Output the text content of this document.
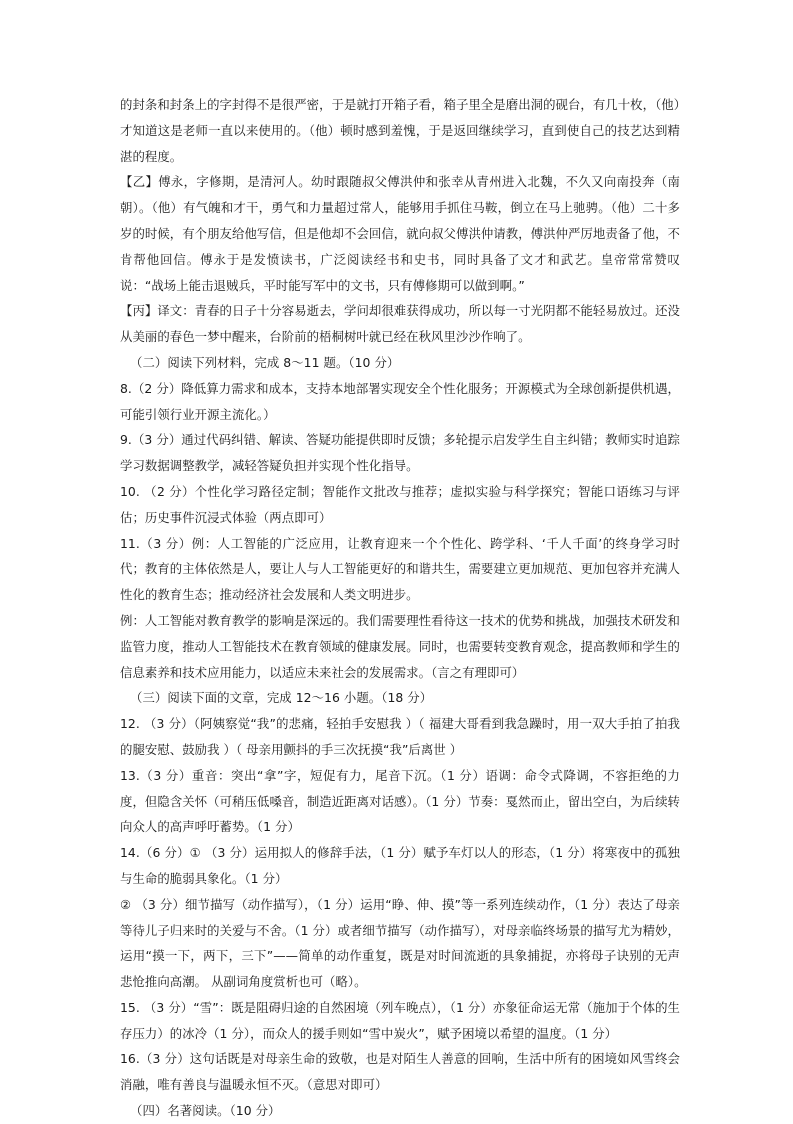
的封条和封条上的字封得不是很严密，于是就打开箱子看，箱子里全是磨出洞的砚台，有几十枚，（他）才知道这是老师一直以来使用的。（他）顿时感到羞愧，于是返回继续学习，直到使自己的技艺达到精湛的程度。

【乙】傅永，字修期，是清河人。幼时跟随叔父傅洪仲和张幸从青州进入北魏，不久又向南投奔（南朝）。（他）有气魄和才干，勇气和力量超过常人，能够用手抓住马鞍，倒立在马上驰骋。（他）二十多岁的时候，有个朋友给他写信，但是他却不会回信，就向叔父傅洪仲请教，傅洪仲严厉地责备了他，不肯帮他回信。傅永于是发愤读书，广泛阅读经书和史书，同时具备了文才和武艺。皇帝常常赞叹说：“战场上能击退贼兵，平时能写军中的文书，只有傅修期可以做到啊。”

【丙】译文：青春的日子十分容易逝去，学问却很难获得成功，所以每一寸光阴都不能轻易放过。还没从美丽的春色一梦中醒来，台阶前的梧桐树叶就已经在秋风里沙沙作响了。

（二）阅读下列材料，完成 8～11 题。（10 分）

8.（2 分）降低算力需求和成本，支持本地部署实现安全个性化服务；开源模式为全球创新提供机遇，可能引领行业开源主流化。）

9.（3 分）通过代码纠错、解读、答疑功能提供即时反馈；多轮提示启发学生自主纠错；教师实时追踪学习数据调整教学，减轻答疑负担并实现个性化指导。

10. （2 分）个性化学习路径定制；智能作文批改与推荐；虚拟实验与科学探究；智能口语练习与评估；历史事件沉浸式体验（两点即可）

11.（3 分）例：人工智能的广泛应用，让教育迎来一个个性化、跨学科、‘千人千面’的终身学习时代；教育的主体依然是人，要让人与人工智能更好的和谐共生，需要建立更加规范、更加包容并充满人性化的教育生态；推动经济社会发展和人类文明进步。

例：人工智能对教育教学的影响是深远的。我们需要理性看待这一技术的优势和挑战，加强技术研发和监管力度，推动人工智能技术在教育领域的健康发展。同时，也需要转变教育观念，提高教师和学生的信息素养和技术应用能力，以适应未来社会的发展需求。（言之有理即可）

（三）阅读下面的文章，完成 12～16 小题。（18 分）

12. （3 分）（阿姨察觉“我”的悲痛，轻拍手安慰我 ）（ 福建大哥看到我急躁时，用一双大手拍了拍我的腿安慰、鼓励我 ）（ 母亲用颤抖的手三次抚摸“我”后离世 ）

13.（3 分）重音：突出“拿”字，短促有力，尾音下沉。（1 分）语调：命令式降调，不容拒绝的力度，但隐含关怀（可稍压低嗓音，制造近距离对话感）。（1 分）节奏：戛然而止，留出空白，为后续转向众人的高声呼吁蓄势。（1 分）

14.（6 分）① （3 分）运用拟人的修辞手法，（1 分）赋予车灯以人的形态，（1 分）将寒夜中的孤独与生命的脆弱具象化。（1 分）

② （3 分）细节描写（动作描写），（1 分）运用“睁、伸、摸”等一系列连续动作，（1 分）表达了母亲等待儿子归来时的关爱与不舍。（1 分）或者细节描写（动作描写），对母亲临终场景的描写尤为精妙，运用“摸一下，两下，三下”——简单的动作重复，既是对时间流逝的具象捕捉，亦将母子诀别的无声悲怆推向高潮。 从副词角度赏析也可（略）。

15. （3 分）“雪”：既是阻碍归途的自然困境（列车晚点），（1 分）亦象征命运无常（施加于个体的生存压力）的冰冷（1 分），而众人的援手则如“雪中炭火”，赋予困境以希望的温度。（1 分）

16.（3 分）这句话既是对母亲生命的致敬，也是对陌生人善意的回响，生活中所有的困境如风雪终会消融，唯有善良与温暖永恒不灭。（意思对即可）

（四）名著阅读。（10 分）
